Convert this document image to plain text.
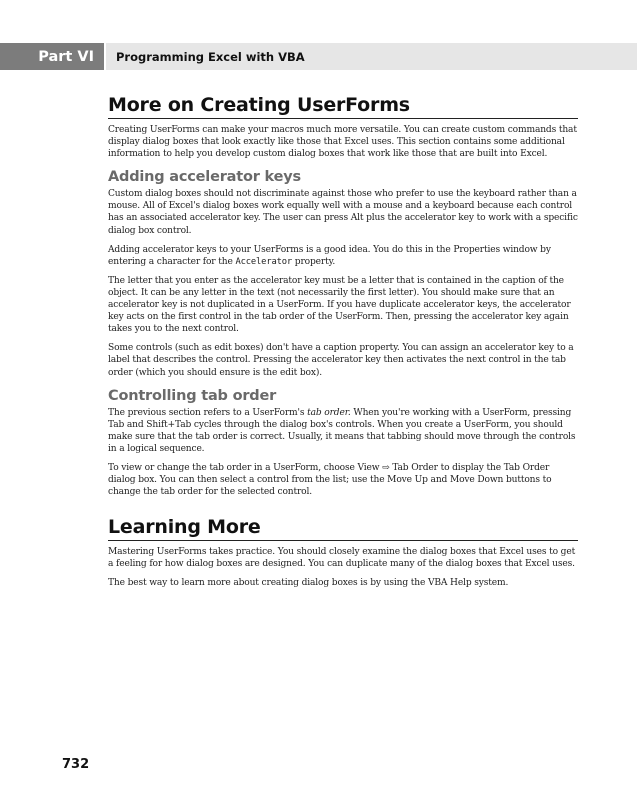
Part VI	Programming Excel with VBA
More on Creating UserForms

Creating UserForms can make your macros much more versatile. You can create custom commands that display dialog boxes that look exactly like those that Excel uses. This section contains some additional information to help you develop custom dialog boxes that work like those that are built into Excel.

Adding accelerator keys

Custom dialog boxes should not discriminate against those who prefer to use the keyboard rather than a mouse. All of Excel's dialog boxes work equally well with a mouse and a keyboard because each control has an associated accelerator key. The user can press Alt plus the accelerator key to work with a specific dialog box control.

Adding accelerator keys to your UserForms is a good idea. You do this in the Properties window by entering a character for the Accelerator property.

The letter that you enter as the accelerator key must be a letter that is contained in the caption of the object. It can be any letter in the text (not necessarily the first letter). You should make sure that an accelerator key is not duplicated in a UserForm. If you have duplicate accelerator keys, the accelerator key acts on the first control in the tab order of the UserForm. Then, pressing the accelerator key again takes you to the next control.

Some controls (such as edit boxes) don't have a caption property. You can assign an accelerator key to a label that describes the control. Pressing the accelerator key then activates the next control in the tab order (which you should ensure is the edit box).

Controlling tab order

The previous section refers to a UserForm's tab order. When you're working with a UserForm, pressing Tab and Shift+Tab cycles through the dialog box's controls. When you create a UserForm, you should make sure that the tab order is correct. Usually, it means that tabbing should move through the controls in a logical sequence.

To view or change the tab order in a UserForm, choose View ⇨ Tab Order to display the Tab Order dialog box. You can then select a control from the list; use the Move Up and Move Down buttons to change the tab order for the selected control.

Learning More

Mastering UserForms takes practice. You should closely examine the dialog boxes that Excel uses to get a feeling for how dialog boxes are designed. You can duplicate many of the dialog boxes that Excel uses.

The best way to learn more about creating dialog boxes is by using the VBA Help system.

732
